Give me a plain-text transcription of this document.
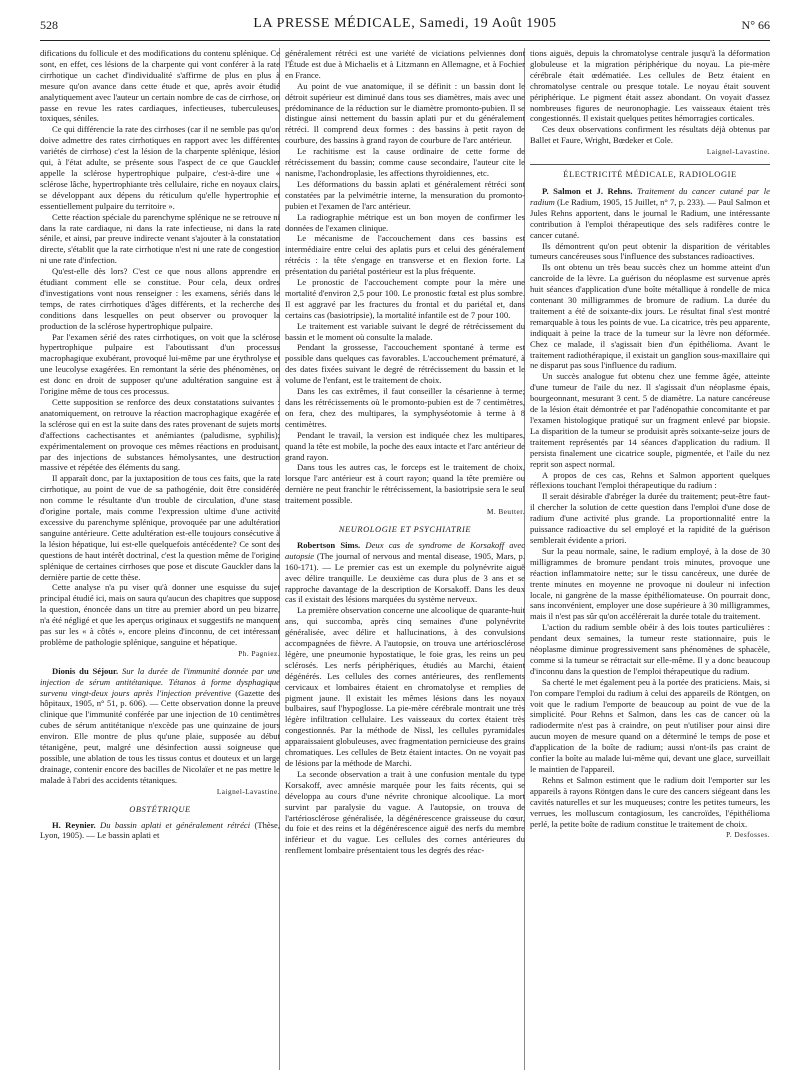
528	LA PRESSE MÉDICALE, Samedi, 19 Août 1905	N° 66

difications du follicule et des modifications du contenu splénique. Ce sont, en effet, ces lésions de la charpente qui vont conférer à la rate cirrhotique un cachet d'individualité s'affirme de plus en plus à mesure qu'on avance dans cette étude et que, après avoir étudié analytiquement avec l'auteur un certain nombre de cas de cirrhose, on passe en revue les rates cardiaques, infectieuses, tuberculeuses, toxiques, séniles.

Ce qui différencie la rate des cirrhoses (car il ne semble pas qu'on doive admettre des rates cirrhotiques en rapport avec les différentes variétés de cirrhose) c'est la lésion de la charpente splénique, lésion qui, à l'état adulte, se présente sous l'aspect de ce que Gauckler appelle la sclérose hypertrophique pulpaire, c'est-à-dire une « sclérose lâche, hypertrophiante très cellulaire, riche en noyaux clairs, se développant aux dépens du réticulum qu'elle hypertrophie et essentiellement pulpaire du territoire ».

Cette réaction spéciale du parenchyme splénique ne se retrouve ni dans la rate cardiaque, ni dans la rate infectieuse, ni dans la rate sénile, et ainsi, par preuve indirecte venant s'ajouter à la constatation directe, s'établit que la rate cirrhotique n'est ni une rate de congestion ni une rate d'infection.

Qu'est-elle dès lors? C'est ce que nous allons apprendre en étudiant comment elle se constitue. Pour cela, deux ordres d'investigations vont nous renseigner : les examens, sériés dans le temps, de rates cirrhotiques d'âges différents, et la recherche des conditions dans lesquelles on peut observer ou provoquer la production de la sclérose hypertrophique pulpaire.

Par l'examen sérié des rates cirrhotiques, on voit que la sclérose hypertrophique pulpaire est l'aboutissant d'un processus macrophagique exubérant, provoqué lui-même par une érythrolyse et une leucolyse exagérées. En remontant la série des phénomènes, on est donc en droit de supposer qu'une adultération sanguine est à l'origine même de tous ces processus.

Cette supposition se renforce des deux constatations suivantes : anatomiquement, on retrouve la réaction macrophagique exagérée et la sclérose qui en est la suite dans des rates provenant de sujets morts d'affections cachectisantes et anémiantes (paludisme, syphilis); expérimentalement on provoque ces mêmes réactions en produisant, par des injections de substances hémolysantes, une destruction massive et répétée des éléments du sang.

Il apparaît donc, par la juxtaposition de tous ces faits, que la rate cirrhotique, au point de vue de sa pathogénie, doit être considérée non comme le résultante d'un trouble de circulation, d'une stase d'origine portale, mais comme l'expression ultime d'une activité excessive du parenchyme splénique, provoquée par une adultération sanguine antérieure. Cette adultération est-elle toujours consécutive à la lésion hépatique, lui est-elle quelquefois antécédente? Ce sont des questions de haut intérêt doctrinal, c'est la question même de l'origine splénique de certaines cirrhoses que pose et discute Gauckler dans la dernière partie de cette thèse.

Cette analyse n'a pu viser qu'à donner une esquisse du sujet principal étudié ici, mais on saura qu'aucun des chapitres que suppose la question, énoncée dans un titre au premier abord un peu bizarre, n'a été négligé et que les aperçus originaux et suggestifs ne manquent pas sur les « à côtés », encore pleins d'inconnu, de cet intéressant problème de pathologie splénique, sanguine et hépatique.

Ph. Pagniez.

Dionis du Séjour. Sur la durée de l'immunité donnée par une injection de sérum antitétanique. Tétanos à forme dysphagique survenu vingt-deux jours après l'injection préventive (Gazette des hôpitaux, 1905, n° 51, p. 606). — Cette observation donne la preuve clinique que l'immunité conférée par une injection de 10 centimètres cubes de sérum antitétanique n'excède pas une quinzaine de jours environ. Elle montre de plus qu'une plaie, supposée au début tétanigène, peut, malgré une désinfection aussi soigneuse que possible, une ablation de tous les tissus contus et douteux et un large drainage, contenir encore des bacilles de Nicolaïer et ne pas mettre le malade à l'abri des accidents tétaniques.

Laignel-Lavastine.
OBSTÉTRIQUE

H. Reynier. Du bassin aplati et généralement rétréci (Thèse, Lyon, 1905). — Le bassin aplati et

généralement rétréci est une variété de viciations pelviennes dont l'Étude est due à Michaelis et à Litzmann en Allemagne, et à Fochier en France.

Au point de vue anatomique, il se définit : un bassin dont le détroit supérieur est diminué dans tous ses diamètres, mais avec une prédominance de la réduction sur le diamètre promonto-pubien. Il se distingue ainsi nettement du bassin aplati pur et du généralement rétréci. Il comprend deux formes : des bassins à petit rayon de courbure, des bassins à grand rayon de courbure de l'arc antérieur.

Le rachitisme est la cause ordinaire de cette forme de rétrécissement du bassin; comme cause secondaire, l'auteur cite le nanisme, l'achondroplasie, les affections thyroïdiennes, etc.

Les déformations du bassin aplati et généralement rétréci sont constatées par la pelvimétrie interne, la mensuration du promonto-pubien et l'examen de l'arc antérieur.

La radiographie métrique est un bon moyen de confirmer les données de l'examen clinique.

Le mécanisme de l'accouchement dans ces bassins est intermédiaire entre celui des aplatis purs et celui des généralement rétrécis : la tête s'engage en transverse et en flexion forte. La présentation du pariétal postérieur est la plus fréquente.

Le pronostic de l'accouchement compte pour la mère une mortalité d'environ 2,5 pour 100. Le pronostic fœtal est plus sombre. Il est aggravé par les fractures du frontal et du pariétal et, dans certains cas (basiotripsie), la mortalité infantile est de 7 pour 100.

Le traitement est variable suivant le degré de rétrécissement du bassin et le moment où consulte la malade.

Pendant la grossesse, l'accouchement spontané à terme est possible dans quelques cas favorables. L'accouchement prématuré, à des dates fixées suivant le degré de rétrécissement du bassin et le volume de l'enfant, est le traitement de choix.

Dans les cas extrêmes, il faut conseiller la césarienne à terme; dans les rétrécissements où le promonto-pubien est de 7 centimètres, on fera, chez des multipares, la symphyséotomie à terme à 8 centimètres.

Pendant le travail, la version est indiquée chez les multipares, quand la tête est mobile, la poche des eaux intacte et l'arc antérieur de grand rayon.

Dans tous les autres cas, le forceps est le traitement de choix, lorsque l'arc antérieur est à court rayon; quand la tête première ou dernière ne peut franchir le rétrécissement, la basiotripsie sera le seul traitement possible.

M. Beutter.
NEUROLOGIE ET PSYCHIATRIE

Robertson Sims. Deux cas de syndrome de Korsakoff avec autopsie (The journal of nervous and mental disease, 1905, Mars, p. 160-171). — Le premier cas est un exemple du polynévrite aiguë avec délire tranquille. Le deuxième cas dura plus de 3 ans et se rapproche davantage de la description de Korsakoff. Dans les deux cas il existait des lésions marquées du système nerveux.

La première observation concerne une alcoolique de quarante-huit ans, qui succomba, après cinq semaines d'une polynévrite généralisée, avec délire et hallucinations, à des convulsions accompagnées de fièvre. A l'autopsie, on trouva une artériosclérose légère, une pneumonie hypostatique, le foie gras, les reins un peu sclérosés. Les nerfs périphériques, étudiés au Marchi, étaient dégénérés. Les cellules des cornes antérieures, des renflements cervicaux et lombaires étaient en chromatolyse et remplies de pigment jaune. Il existait les mêmes lésions dans les noyaux bulbaires, sauf l'hypoglosse. La pie-mère cérébrale montrait une très légère infiltration cellulaire. Les vaisseaux du cortex étaient très congestionnés. Par la méthode de Nissl, les cellules pyramidales apparaissaient globuleuses, avec fragmentation pernicieuse des grains chromatiques. Les cellules de Betz étaient intactes. On ne voyait pas de lésions par la méthode de Marchi.

La seconde observation a trait à une confusion mentale du type Korsakoff, avec amnésie marquée pour les faits récents, qui se développa au cours d'une névrite chronique alcoolique. La mort survint par paralysie du vague. A l'autopsie, on trouva de l'artériosclérose généralisée, la dégénérescence graisseuse du cœur, du foie et des reins et la dégénérescence aiguë des nerfs du membre inférieur et du vague. Les cellules des cornes antérieures du renflement lombaire présentaient tous les degrés des réac-

tions aiguës, depuis la chromatolyse centrale jusqu'à la déformation globuleuse et la migration périphérique du noyau. La pie-mère cérébrale était œdématiée. Les cellules de Betz étaient en chromatolyse centrale ou presque totale. Le noyau était souvent périphérique. Le pigment était assez abondant. On voyait d'assez nombreuses figures de neuronophagie. Les vaisseaux étaient très congestionnés. Il existait quelques petites hémorragies corticales.

Ces deux observations confirment les résultats déjà obtenus par Ballet et Faure, Wright, Bœdeker et Cole.

Laignel-Lavastine.
ÉLECTRICITÉ MÉDICALE, RADIOLOGIE

P. Salmon et J. Rehns. Traitement du cancer cutané par le radium (Le Radium, 1905, 15 Juillet, n° 7, p. 233). — Paul Salmon et Jules Rehns apportent, dans le journal le Radium, une intéressante contribution à l'emploi thérapeutique des sels radifères contre le cancer cutané.

Ils démontrent qu'on peut obtenir la disparition de véritables tumeurs cancéreuses sous l'influence des substances radioactives.

Ils ont obtenu un très beau succès chez un homme atteint d'un cancroïde de la lèvre. La guérison du néoplasme est survenue après huit séances d'application d'une boîte métallique à rondelle de mica contenant 30 milligrammes de bromure de radium. La durée du traitement a été de soixante-dix jours. Le résultat final s'est montré remarquable à tous les points de vue. La cicatrice, très peu apparente, indiquait à peine la trace de la tumeur sur la lèvre non déformée. Chez ce malade, il s'agissait bien d'un épithélioma. Avant le traitement radiothérapique, il existait un ganglion sous-maxillaire qui ne disparut pas sous l'influence du radium.

Un succès analogue fut obtenu chez une femme âgée, atteinte d'une tumeur de l'aile du nez. Il s'agissait d'un néoplasme épais, bourgeonnant, mesurant 3 cent. 5 de diamètre. La nature cancéreuse de la lésion était démontrée et par l'adénopathie concomitante et par l'examen histologique pratiqué sur un fragment enlevé par biopsie. La disparition de la tumeur se produisit après soixante-seize jours de traitement représentés par 14 séances d'application du radium. Il persista finalement une cicatrice souple, pigmentée, et l'aile du nez reprit son aspect normal.

A propos de ces cas, Rehns et Salmon apportent quelques réflexions touchant l'emploi thérapeutique du radium :

Il serait désirable d'abréger la durée du traitement; peut-être faut-il chercher la solution de cette question dans l'emploi d'une dose de radium d'une activité plus grande. La proportionnalité entre la puissance radioactive du sel employé et la rapidité de la guérison semblerait évidente a priori.

Sur la peau normale, saine, le radium employé, à la dose de 30 milligrammes de bromure pendant trois minutes, provoque une réaction inflammatoire nette; sur le tissu cancéreux, une durée de trente minutes en moyenne ne provoque ni douleur ni infection locale, ni gangrène de la masse épithéliomateuse. On pourrait donc, sans inconvénient, employer une dose supérieure à 30 milligrammes, mais il n'est pas sûr qu'on accélérerait la durée totale du traitement.

L'action du radium semble obéir à des lois toutes particulières : pendant deux semaines, la tumeur reste stationnaire, puis le néoplasme diminue progressivement sans phénomènes de sphacèle, comme si la tumeur se rétractait sur elle-même. Il y a donc beaucoup d'inconnu dans la question de l'emploi thérapeutique du radium.

Sa cherté le met également peu à la portée des praticiens. Mais, si l'on compare l'emploi du radium à celui des appareils de Röntgen, on voit que le radium l'emporte de beaucoup au point de vue de la simplicité. Pour Rehns et Salmon, dans les cas de cancer où la radiodermite n'est pas à craindre, on peut n'utiliser pour ainsi dire aucun moyen de mesure quand on a déterminé le temps de pose et d'application de la boîte de radium; aussi n'ont-ils pas craint de confier la boîte au malade lui-même qui, devant une glace, surveillait le maintien de l'appareil.

Rehns et Salmon estiment que le radium doit l'emporter sur les appareils à rayons Röntgen dans le cure des cancers siégeant dans les cavités naturelles et sur les muqueuses; contre les petites tumeurs, les verrues, les molluscum contagiosum, les cancroïdes, l'épithélioma perlé, la petite boîte de radium constitue le traitement de choix.

P. Desfosses.
